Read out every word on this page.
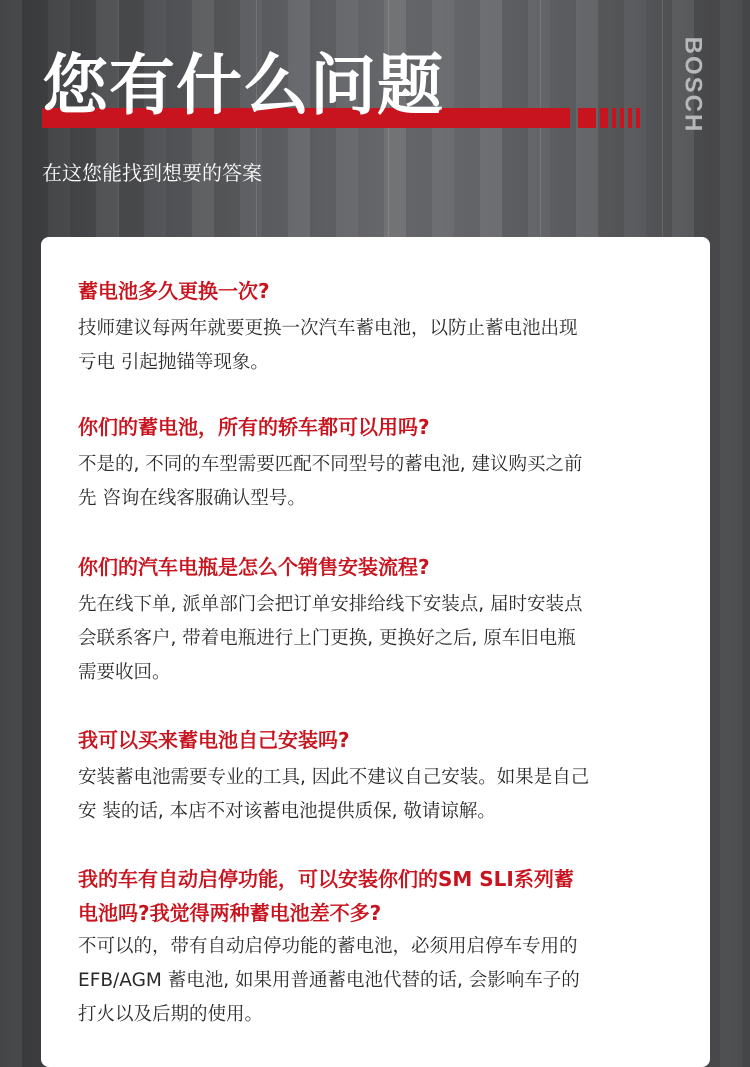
BOSCH
您有什么问题
在这您能找到想要的答案

蓄电池多久更换一次?

技师建议每两年就要更换一次汽车蓄电池，以防止蓄电池出现
亏电 引起抛锚等现象。

你们的蓄电池，所有的轿车都可以用吗?

不是的, 不同的车型需要匹配不同型号的蓄电池, 建议购买之前
先 咨询在线客服确认型号。

你们的汽车电瓶是怎么个销售安装流程?

先在线下单, 派单部门会把订单安排给线下安装点, 届时安装点
会联系客户, 带着电瓶进行上门更换, 更换好之后, 原车旧电瓶
需要收回。

我可以买来蓄电池自己安装吗?

安装蓄电池需要专业的工具, 因此不建议自己安装。如果是自己
安 装的话, 本店不对该蓄电池提供质保, 敬请谅解。

我的车有自动启停功能，可以安装你们的SM SLI系列蓄
电池吗?我觉得两种蓄电池差不多?

不可以的，带有自动启停功能的蓄电池，必须用启停车专用的
EFB/AGM 蓄电池, 如果用普通蓄电池代替的话, 会影响车子的
打火以及后期的使用。
